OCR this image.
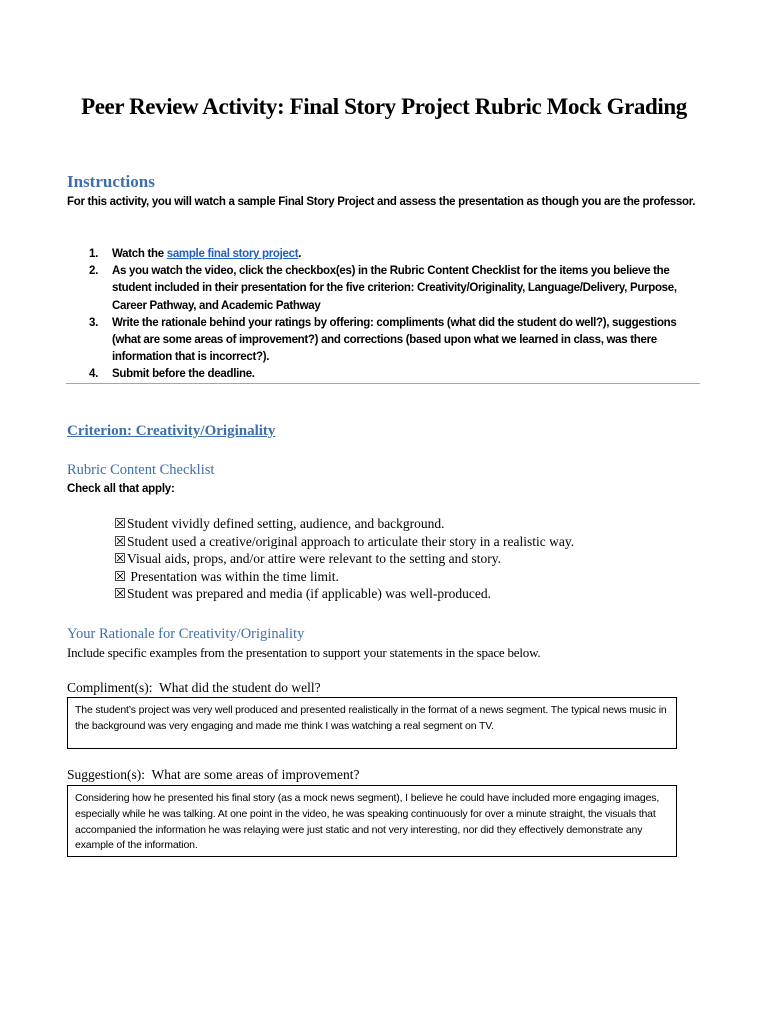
Peer Review Activity: Final Story Project Rubric Mock Grading
Instructions
For this activity, you will watch a sample Final Story Project and assess the presentation as though you are the professor.
1. Watch the sample final story project.
2. As you watch the video, click the checkbox(es) in the Rubric Content Checklist for the items you believe the student included in their presentation for the five criterion: Creativity/Originality, Language/Delivery, Purpose, Career Pathway, and Academic Pathway
3. Write the rationale behind your ratings by offering: compliments (what did the student do well?), suggestions (what are some areas of improvement?) and corrections (based upon what we learned in class, was there information that is incorrect?).
4. Submit before the deadline.
Criterion: Creativity/Originality
Rubric Content Checklist
Check all that apply:
☒Student vividly defined setting, audience, and background.
☒Student used a creative/original approach to articulate their story in a realistic way.
☒Visual aids, props, and/or attire were relevant to the setting and story.
☒ Presentation was within the time limit.
☒Student was prepared and media (if applicable) was well-produced.
Your Rationale for Creativity/Originality
Include specific examples from the presentation to support your statements in the space below.
Compliment(s):  What did the student do well?
The student’s project was very well produced and presented realistically in the format of a news segment. The typical news music in the background was very engaging and made me think I was watching a real segment on TV.
Suggestion(s):  What are some areas of improvement?
Considering how he presented his final story (as a mock news segment), I believe he could have included more engaging images, especially while he was talking. At one point in the video, he was speaking continuously for over a minute straight, the visuals that accompanied the information he was relaying were just static and not very interesting, nor did they effectively demonstrate any example of the information.
